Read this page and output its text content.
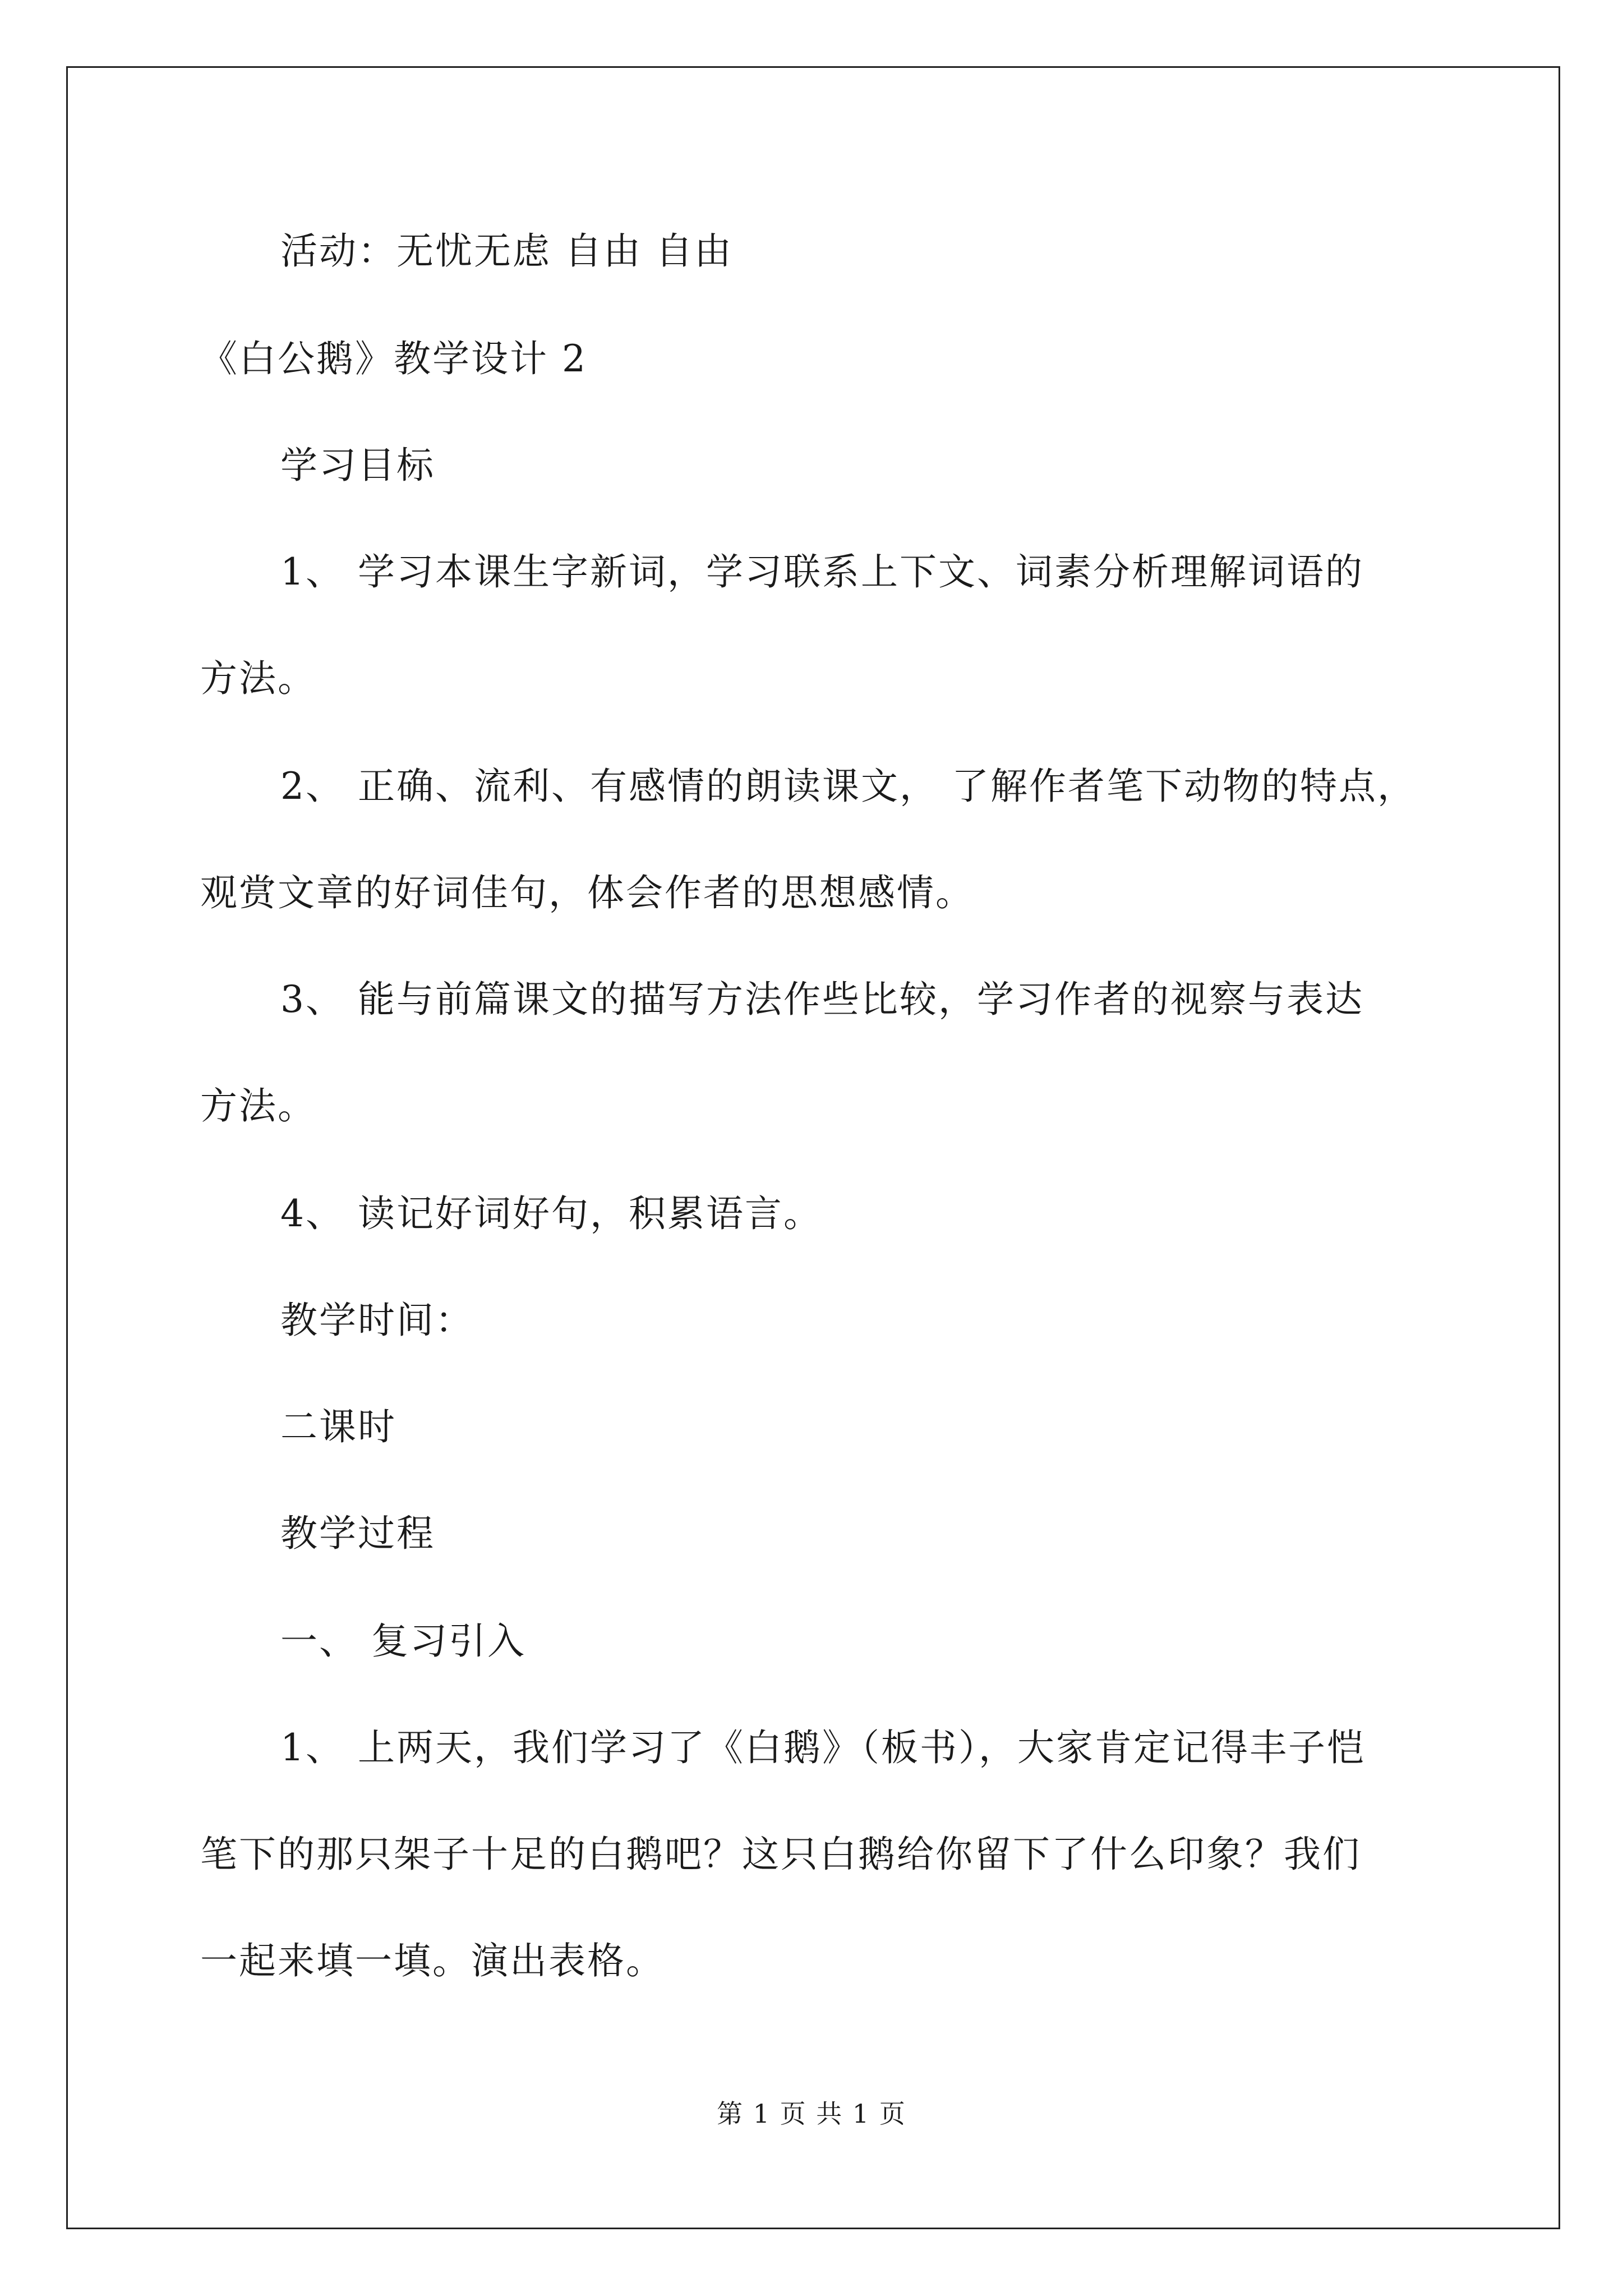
活动：无忧无虑 自由 自由
《白公鹅》教学设计 2
学习目标
1、 学习本课生字新词，学习联系上下文、词素分析理解词语的
方法。
2、 正确、流利、有感情的朗读课文， 了解作者笔下动物的特点，
观赏文章的好词佳句，体会作者的思想感情。
3、 能与前篇课文的描写方法作些比较，学习作者的视察与表达
方法。
4、 读记好词好句，积累语言。
教学时间：
二课时
教学过程
一、 复习引入
1、 上两天，我们学习了《白鹅》（板书），大家肯定记得丰子恺
笔下的那只架子十足的白鹅吧？这只白鹅给你留下了什么印象？我们
一起来填一填。演出表格。
第 1 页 共 1 页
